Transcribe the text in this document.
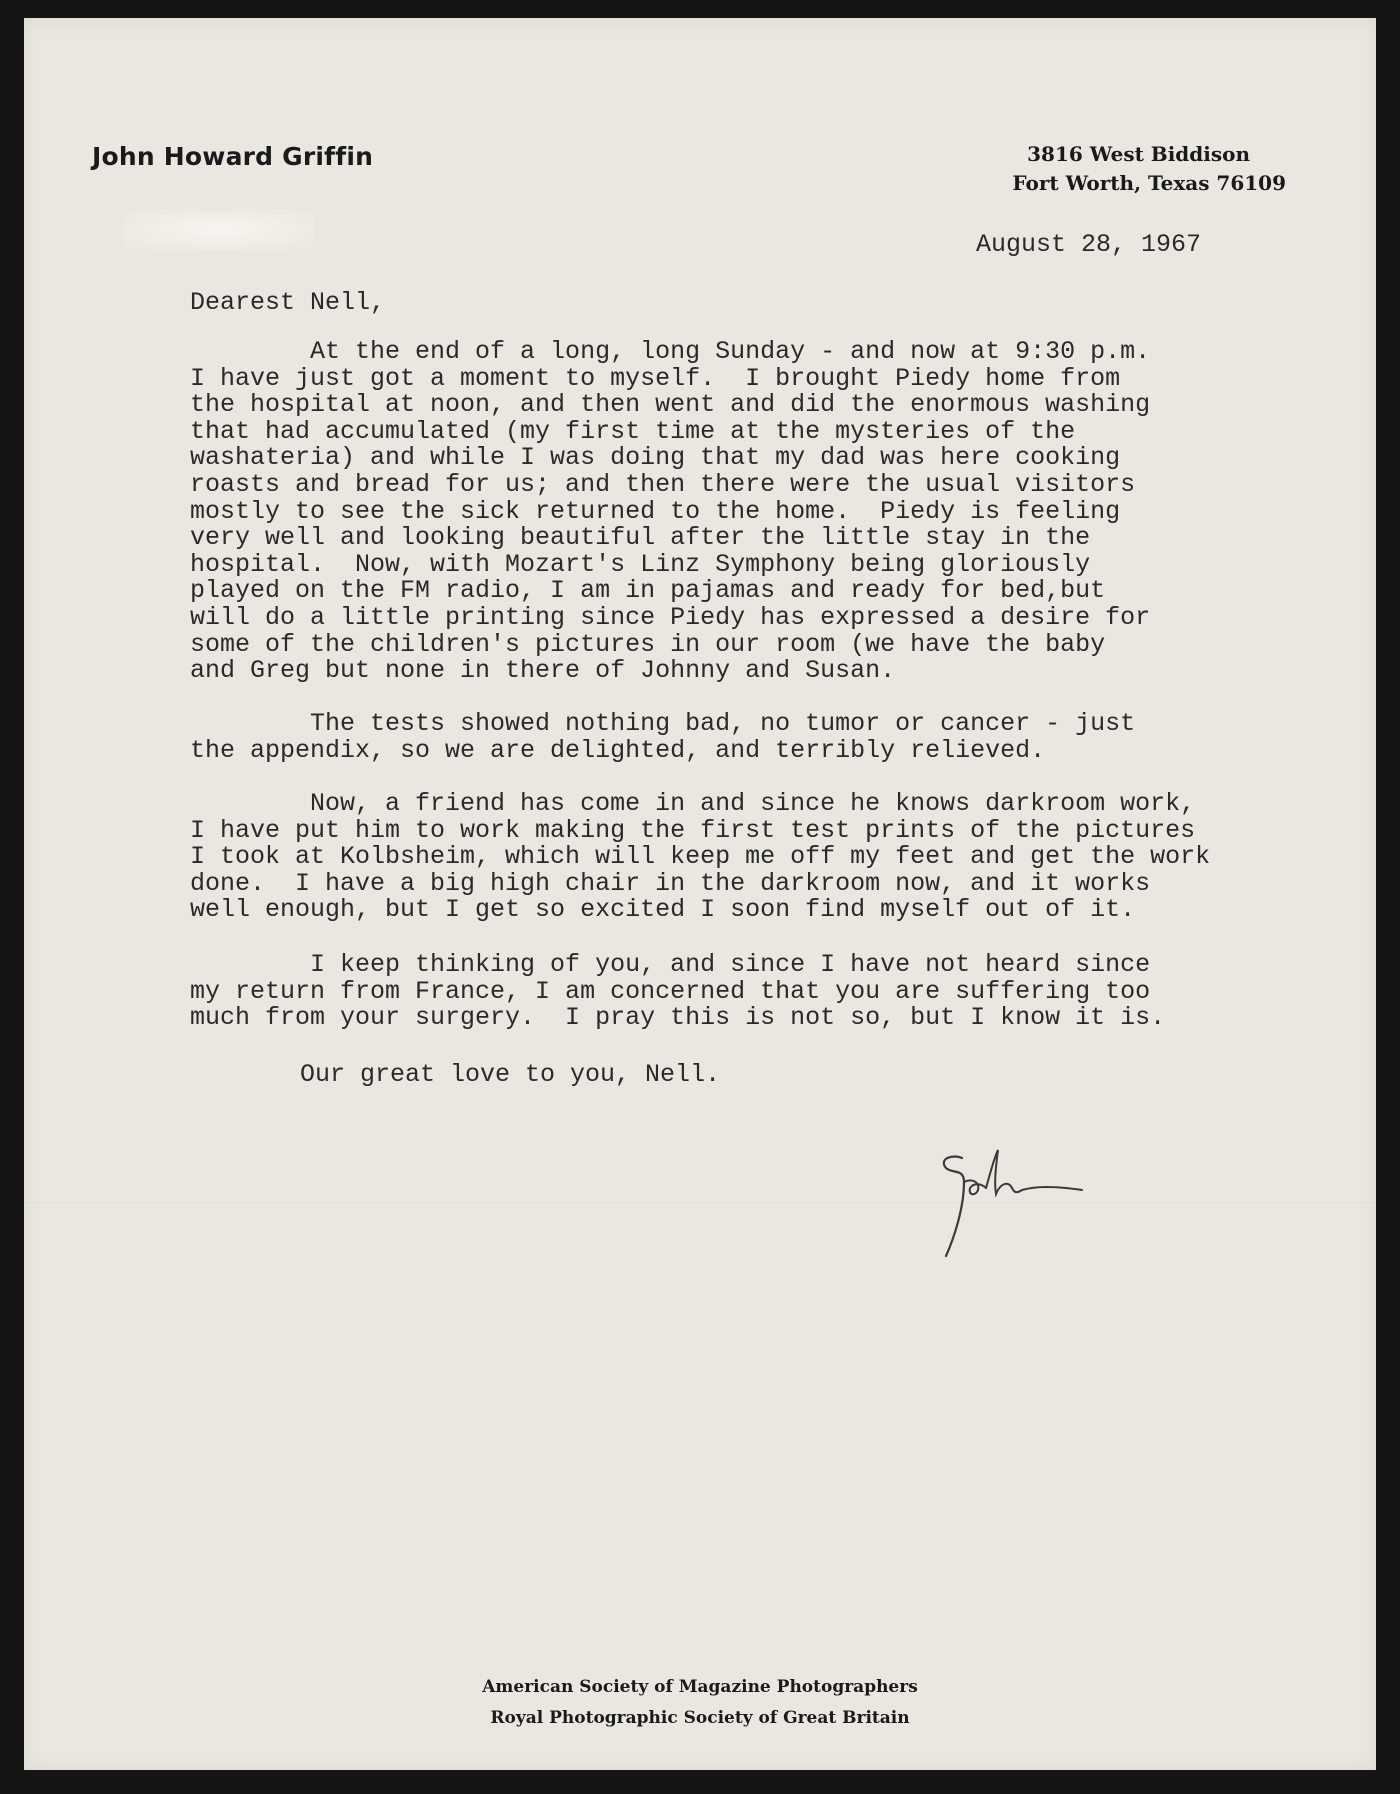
John Howard Griffin	3816 West Biddison
Fort Worth, Texas 76109
August 28, 1967
Dearest Nell,
At the end of a long, long Sunday - and now at 9:30 p.m.
I have just got a moment to myself.  I brought Piedy home from
the hospital at noon, and then went and did the enormous washing
that had accumulated (my first time at the mysteries of the
washateria) and while I was doing that my dad was here cooking
roasts and bread for us; and then there were the usual visitors
mostly to see the sick returned to the home.  Piedy is feeling
very well and looking beautiful after the little stay in the
hospital.  Now, with Mozart's Linz Symphony being gloriously
played on the FM radio, I am in pajamas and ready for bed,but
will do a little printing since Piedy has expressed a desire for
some of the children's pictures in our room (we have the baby
and Greg but none in there of Johnny and Susan.
The tests showed nothing bad, no tumor or cancer - just
the appendix, so we are delighted, and terribly relieved.
Now, a friend has come in and since he knows darkroom work,
I have put him to work making the first test prints of the pictures
I took at Kolbsheim, which will keep me off my feet and get the work
done.  I have a big high chair in the darkroom now, and it works
well enough, but I get so excited I soon find myself out of it.
I keep thinking of you, and since I have not heard since
my return from France, I am concerned that you are suffering too
much from your surgery.  I pray this is not so, but I know it is.
Our great love to you, Nell.
American Society of Magazine Photographers
Royal Photographic Society of Great Britain
